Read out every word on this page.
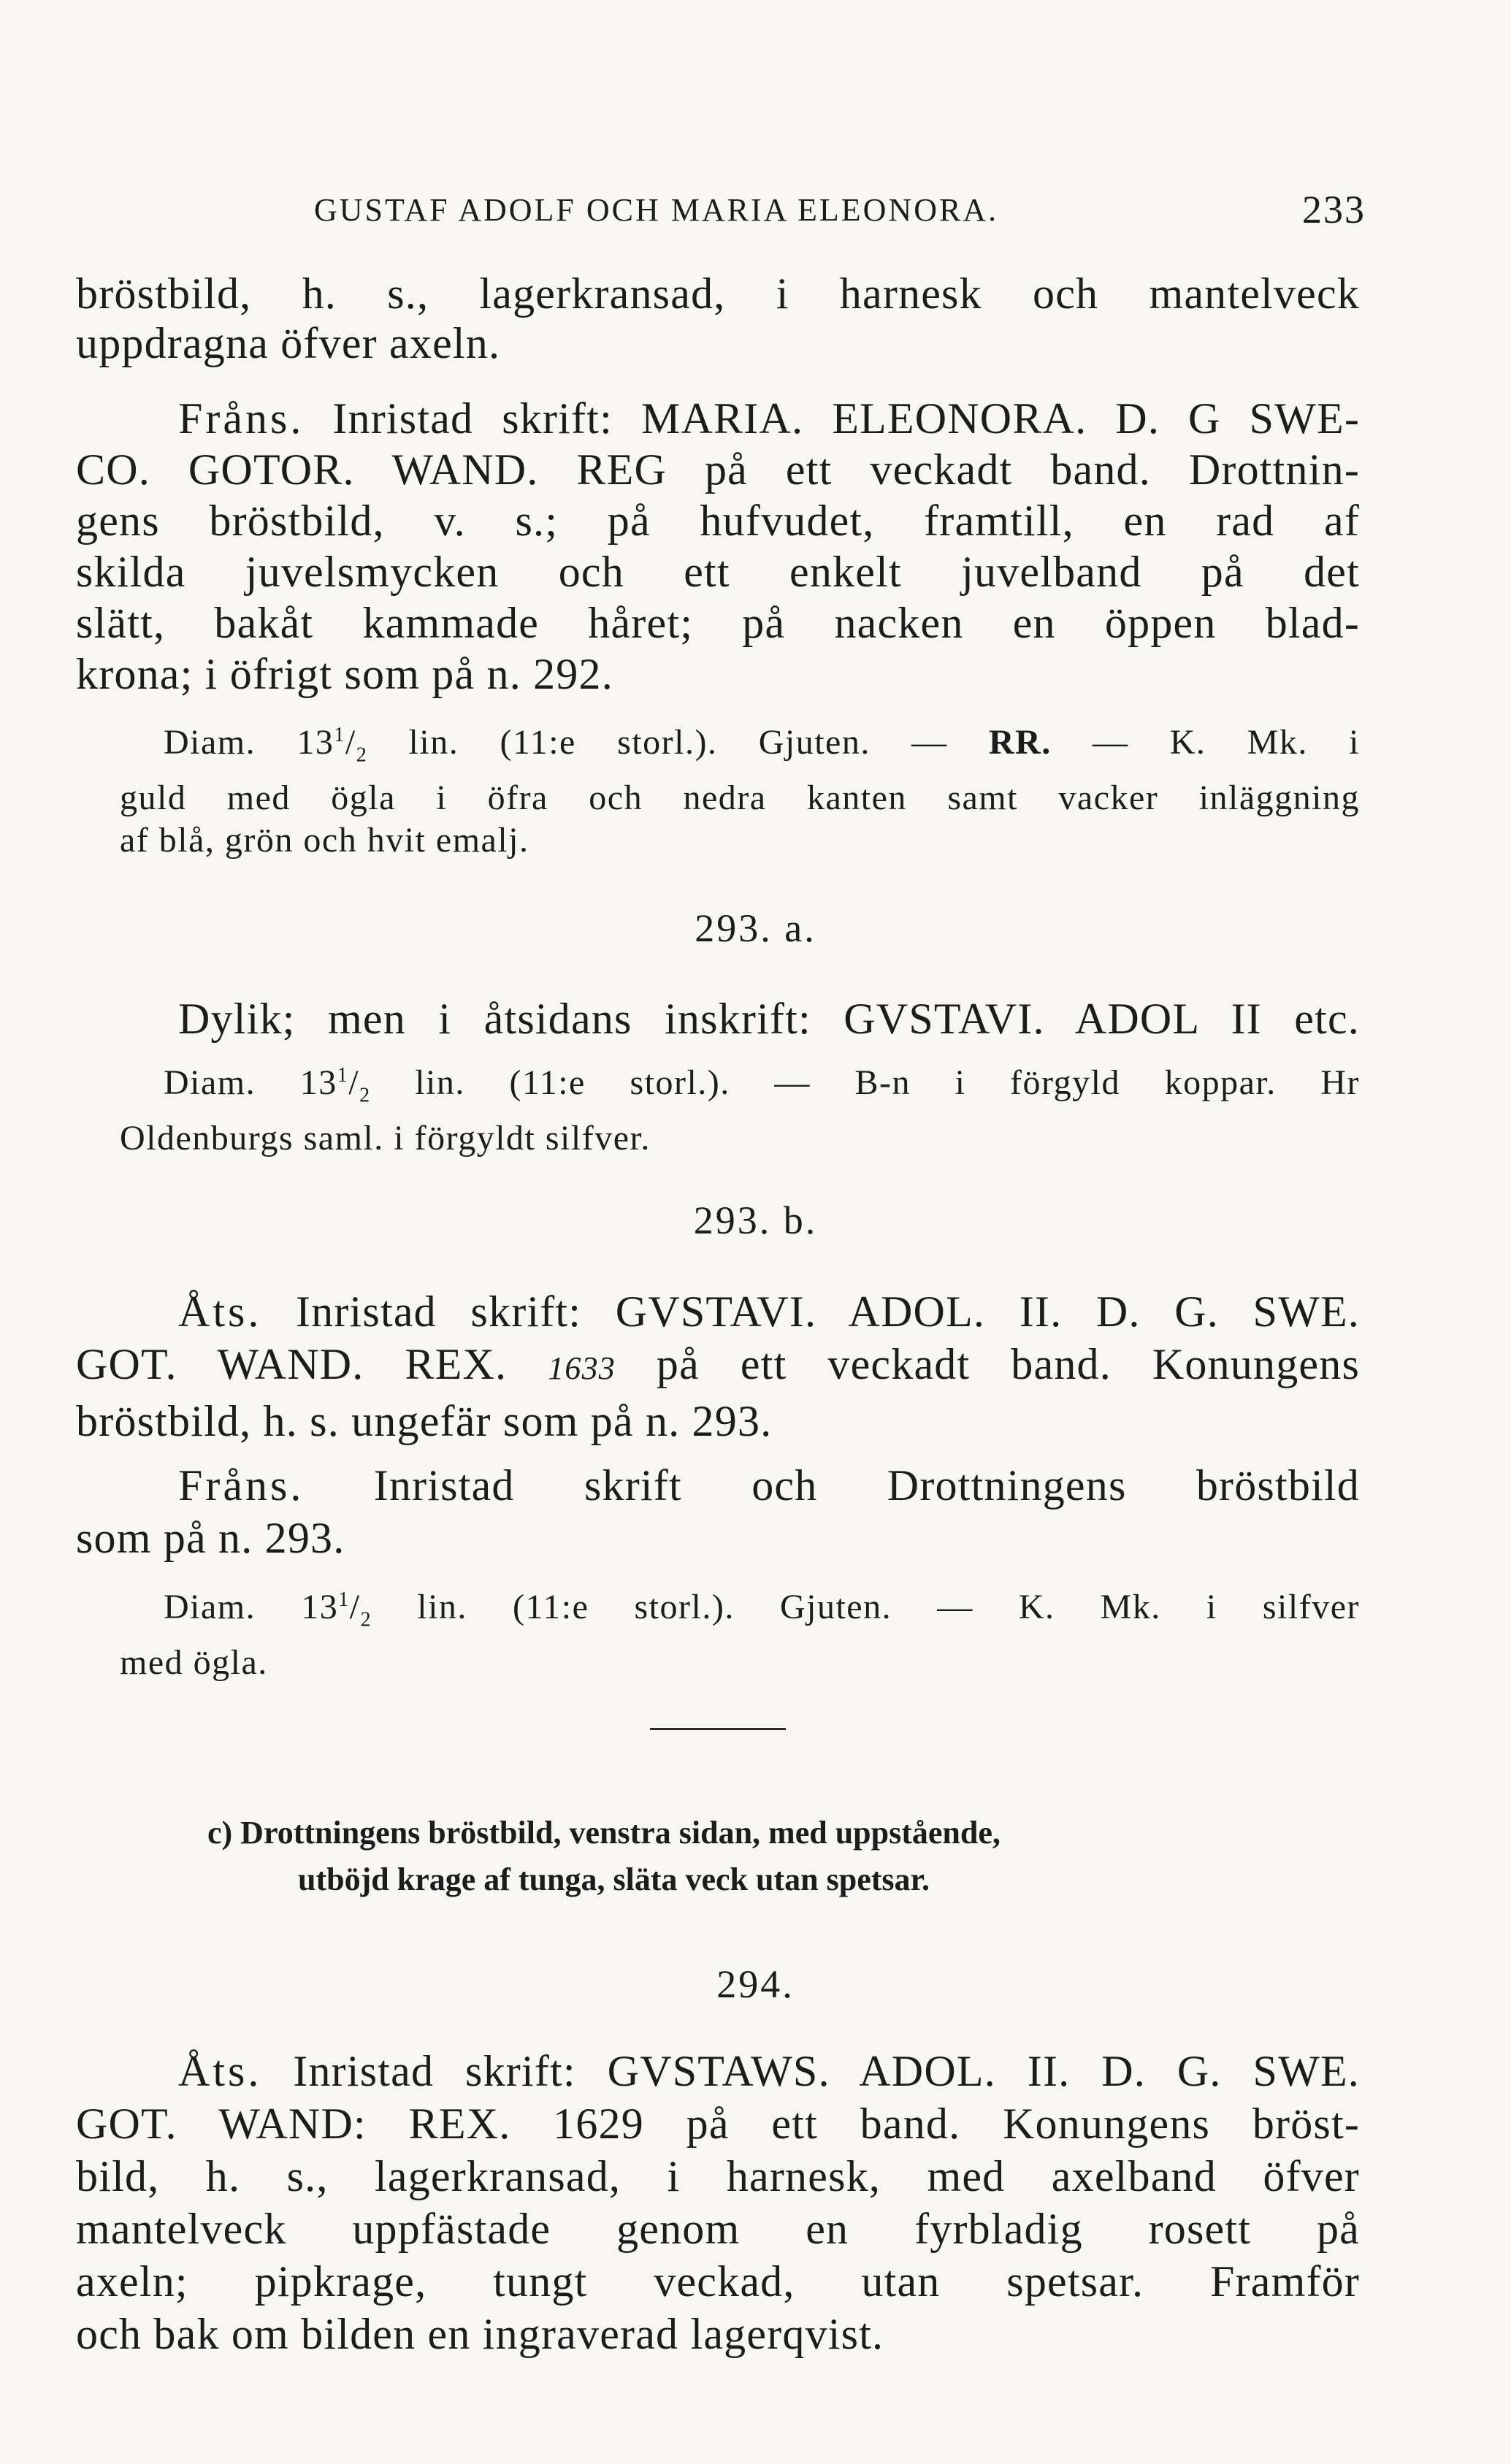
GUSTAF ADOLF OCH MARIA ELEONORA.	233
bröstbild, h. s., lagerkransad, i harnesk och mantelveck
uppdragna öfver axeln.
Fråns. Inristad skrift: MARIA. ELEONORA. D. G SWE-
CO. GOTOR. WAND. REG på ett veckadt band. Drottnin-
gens bröstbild, v. s.; på hufvudet, framtill, en rad af
skilda juvelsmycken och ett enkelt juvelband på det
slätt, bakåt kammade håret; på nacken en öppen blad-
krona; i öfrigt som på n. 292.
Diam. $13^1/_2$ lin. (11:e storl.). Gjuten. — RR. — K. Mk. i
guld med ögla i öfra och nedra kanten samt vacker inläggning
af blå, grön och hvit emalj.
293. a.
Dylik; men i åtsidans inskrift: GVSTAVI. ADOL II etc.
Diam. $13^1/_2$ lin. (11:e storl.). — B-n i förgyld koppar. Hr
Oldenburgs saml. i förgyldt silfver.
293. b.
Åts. Inristad skrift: GVSTAVI. ADOL. II. D. G. SWE.
GOT. WAND. REX. 1633 på ett veckadt band. Konungens
bröstbild, h. s. ungefär som på n. 293.
Fråns. Inristad skrift och Drottningens bröstbild
som på n. 293.
Diam. $13^1/_2$ lin. (11:e storl.). Gjuten. — K. Mk. i silfver
med ögla.
c) Drottningens bröstbild, venstra sidan, med uppstående,
utböjd krage af tunga, släta veck utan spetsar.
294.
Åts. Inristad skrift: GVSTAWS. ADOL. II. D. G. SWE.
GOT. WAND: REX. 1629 på ett band. Konungens bröst-
bild, h. s., lagerkransad, i harnesk, med axelband öfver
mantelveck uppfästade genom en fyrbladig rosett på
axeln; pipkrage, tungt veckad, utan spetsar. Framför
och bak om bilden en ingraverad lagerqvist.
